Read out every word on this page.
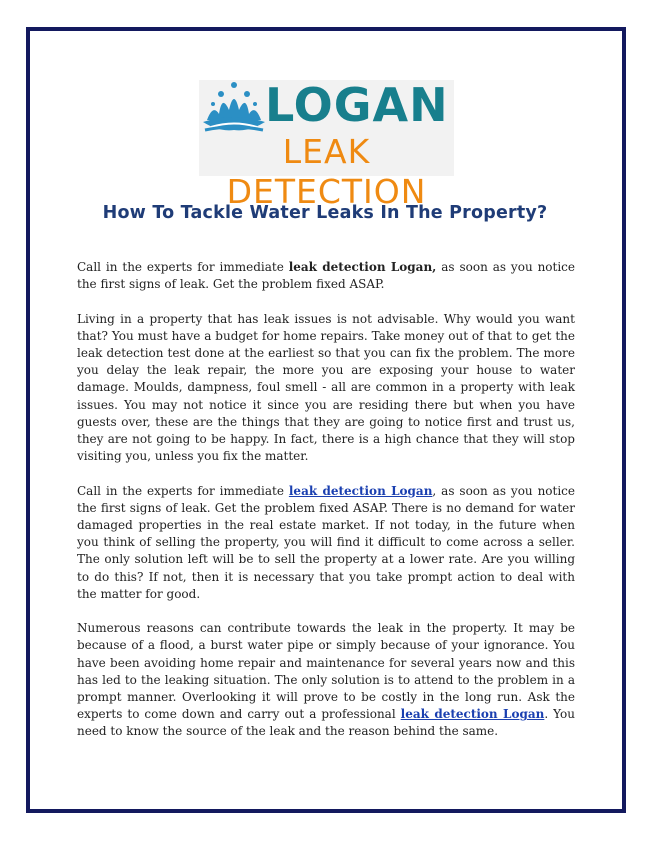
LOGAN
LEAK DETECTION
How To Tackle Water Leaks In The Property?

Call in the experts for immediate leak detection Logan, as soon as you notice the first signs of leak. Get the problem fixed ASAP.

Living in a property that has leak issues is not advisable. Why would you want that? You must have a budget for home repairs. Take money out of that to get the leak detection test done at the earliest so that you can fix the problem. The more you delay the leak repair, the more you are exposing your house to water damage. Moulds, dampness, foul smell - all are common in a property with leak issues. You may not notice it since you are residing there but when you have guests over, these are the things that they are going to notice first and trust us, they are not going to be happy. In fact, there is a high chance that they will stop visiting you, unless you fix the matter.

Call in the experts for immediate leak detection Logan, as soon as you notice the first signs of leak. Get the problem fixed ASAP. There is no demand for water damaged properties in the real estate market. If not today, in the future when you think of selling the property, you will find it difficult to come across a seller. The only solution left will be to sell the property at a lower rate. Are you willing to do this? If not, then it is necessary that you take prompt action to deal with the matter for good.

Numerous reasons can contribute towards the leak in the property. It may be because of a flood, a burst water pipe or simply because of your ignorance. You have been avoiding home repair and maintenance for several years now and this has led to the leaking situation. The only solution is to attend to the problem in a prompt manner. Overlooking it will prove to be costly in the long run. Ask the experts to come down and carry out a professional leak detection Logan. You need to know the source of the leak and the reason behind the same.
